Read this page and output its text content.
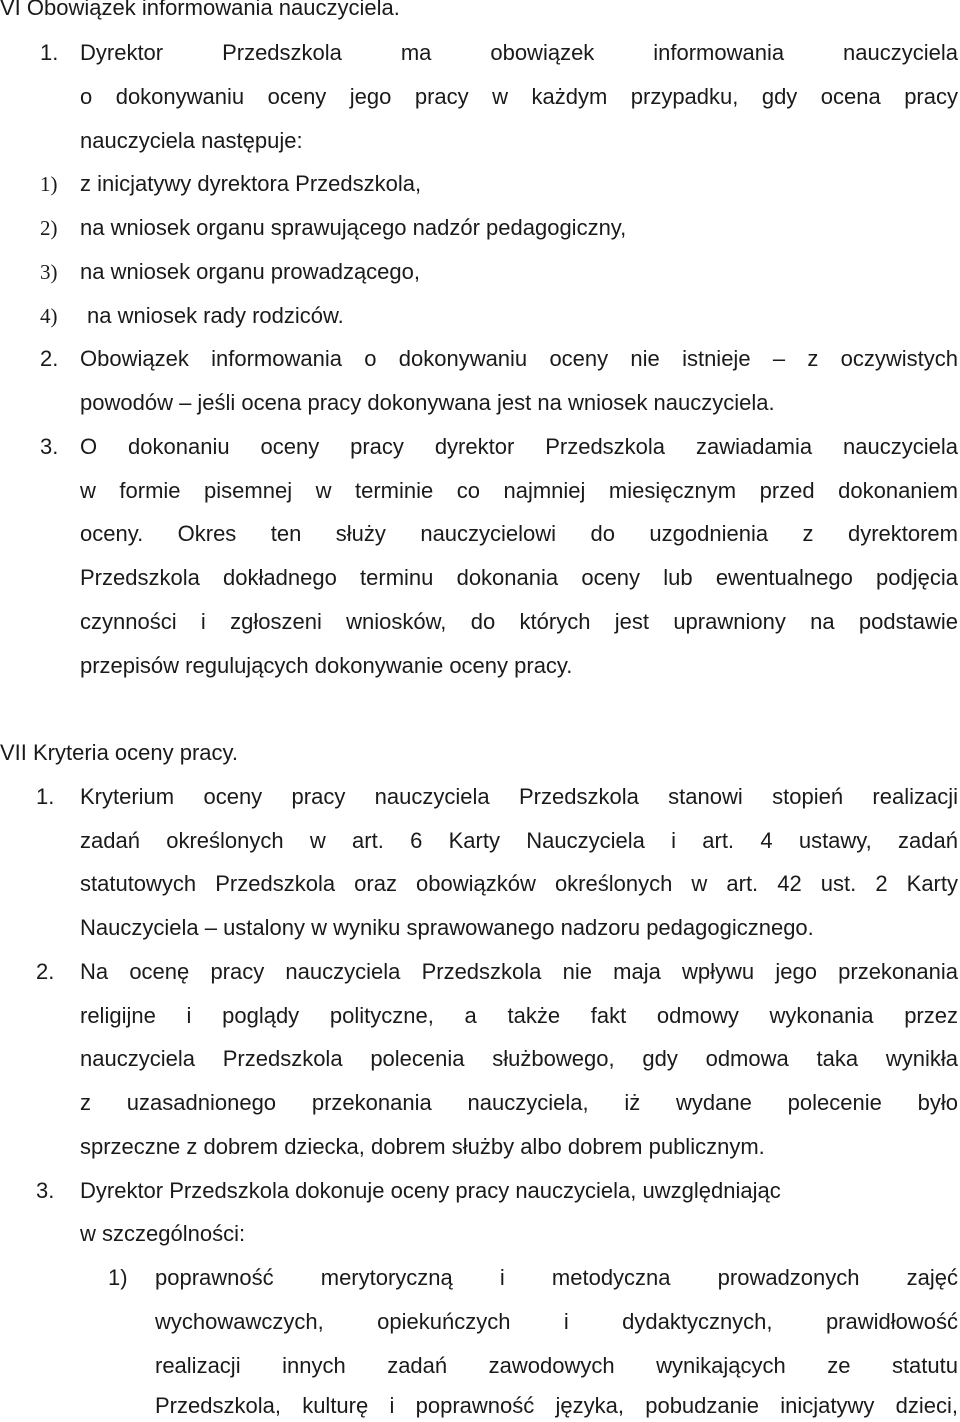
VI Obowiązek informowania nauczyciela.
1. Dyrektor Przedszkola ma obowiązek informowania nauczyciela
o dokonywaniu oceny jego pracy w każdym przypadku, gdy ocena pracy
nauczyciela następuje:
1) z inicjatywy dyrektora Przedszkola,
2) na wniosek organu sprawującego nadzór pedagogiczny,
3) na wniosek organu prowadzącego,
4) na wniosek rady rodziców.
2. Obowiązek informowania o dokonywaniu oceny nie istnieje – z oczywistych
powodów – jeśli ocena pracy dokonywana jest na wniosek nauczyciela.
3. O dokonaniu oceny pracy dyrektor Przedszkola zawiadamia nauczyciela
w formie pisemnej w terminie co najmniej miesięcznym przed dokonaniem
oceny. Okres ten służy nauczycielowi do uzgodnienia z dyrektorem
Przedszkola dokładnego terminu dokonania oceny lub ewentualnego podjęcia
czynności i zgłoszeni wniosków, do których jest uprawniony na podstawie
przepisów regulujących dokonywanie oceny pracy.
VII Kryteria oceny pracy.
1. Kryterium oceny pracy nauczyciela Przedszkola stanowi stopień realizacji
zadań określonych w art. 6 Karty Nauczyciela i art. 4 ustawy, zadań
statutowych Przedszkola oraz obowiązków określonych w art. 42 ust. 2 Karty
Nauczyciela – ustalony w wyniku sprawowanego nadzoru pedagogicznego.
2. Na ocenę pracy nauczyciela Przedszkola nie maja wpływu jego przekonania
religijne i poglądy polityczne, a także fakt odmowy wykonania przez
nauczyciela Przedszkola polecenia służbowego, gdy odmowa taka wynikła
z uzasadnionego przekonania nauczyciela, iż wydane polecenie było
sprzeczne z dobrem dziecka, dobrem służby albo dobrem publicznym.
3. Dyrektor Przedszkola dokonuje oceny pracy nauczyciela, uwzględniając
w szczególności:
1) poprawność merytoryczną i metodyczna prowadzonych zajęć
wychowawczych, opiekuńczych i dydaktycznych, prawidłowość
realizacji innych zadań zawodowych wynikających ze statutu
Przedszkola, kulturę i poprawność języka, pobudzanie inicjatywy dzieci,
